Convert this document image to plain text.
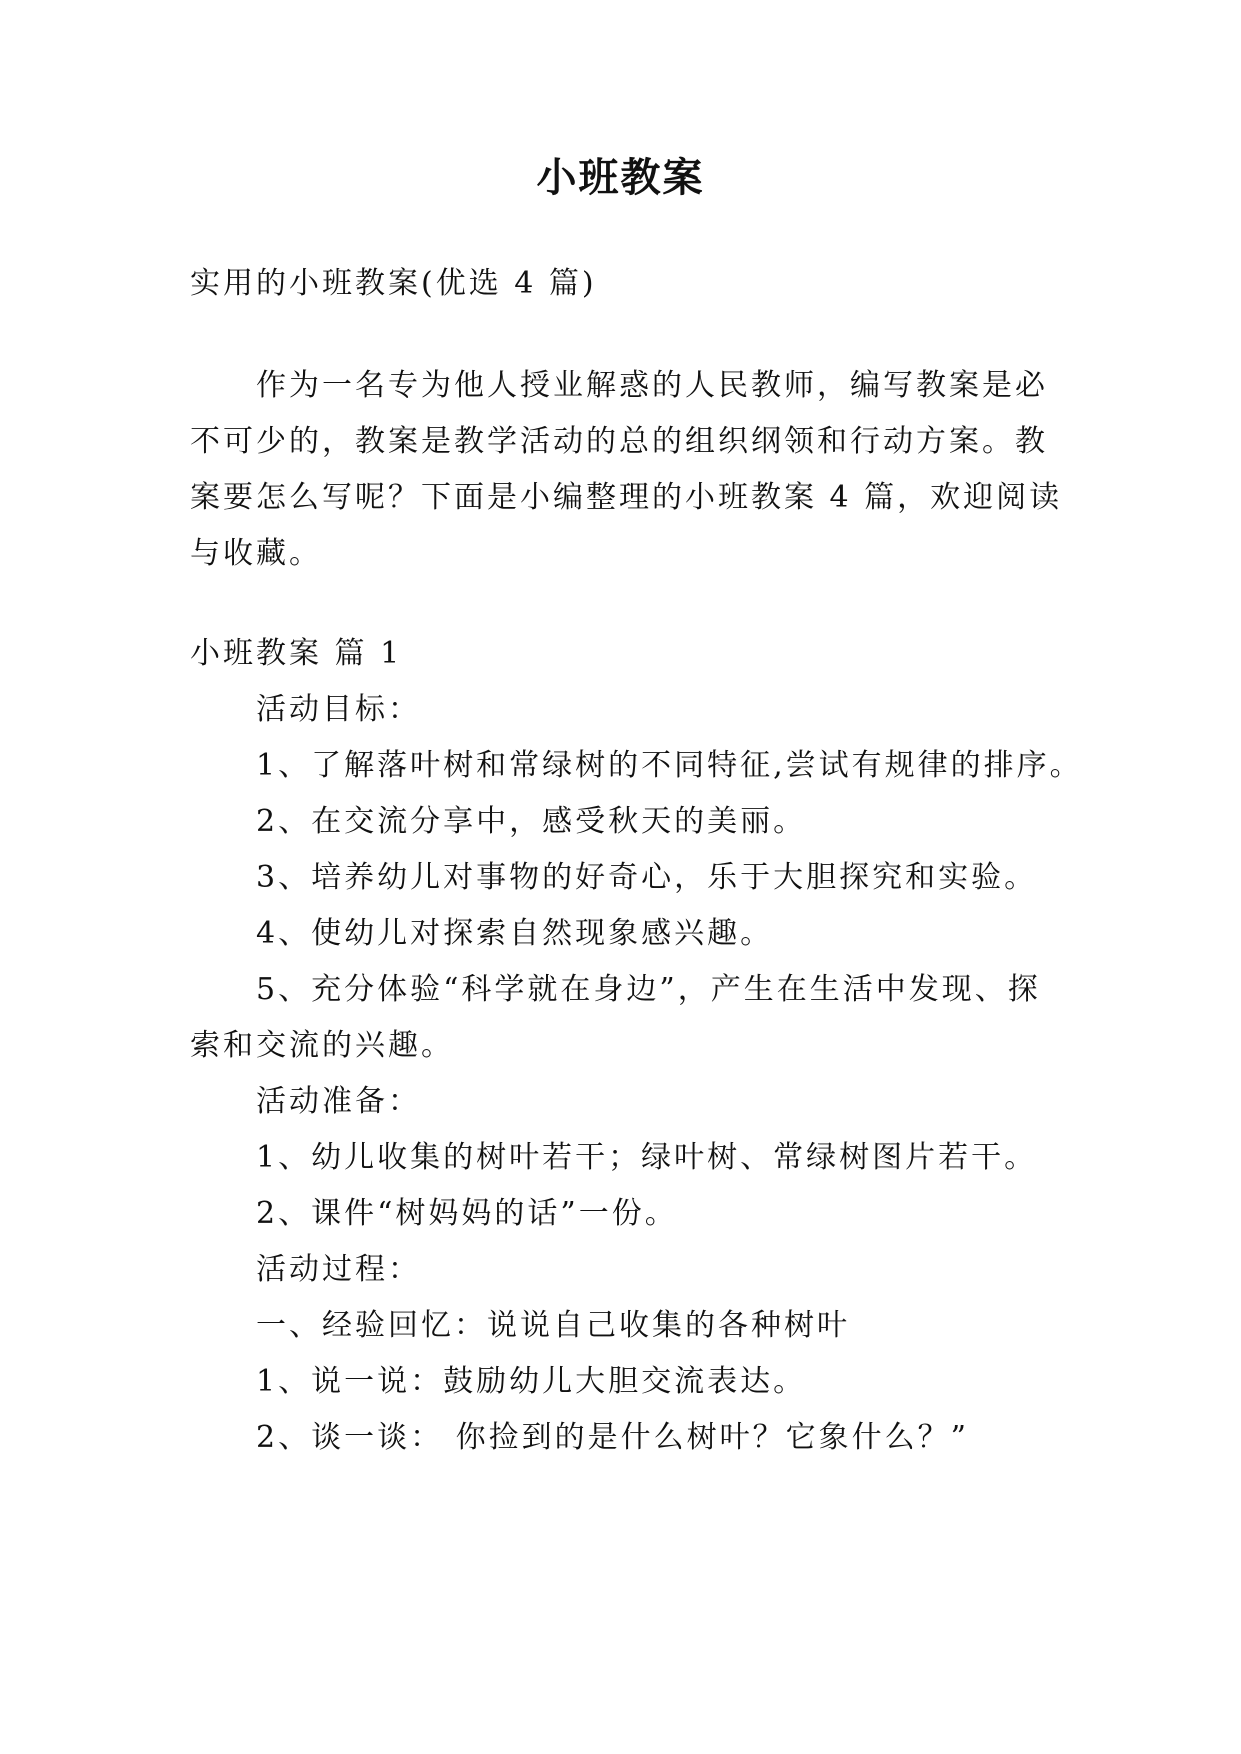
小班教案
实用的小班教案(优选 4 篇)
作为一名专为他人授业解惑的人民教师，编写教案是必
不可少的，教案是教学活动的总的组织纲领和行动方案。教
案要怎么写呢？下面是小编整理的小班教案 4 篇，欢迎阅读
与收藏。
小班教案 篇 1
活动目标：
1、了解落叶树和常绿树的不同特征,尝试有规律的排序。
2、在交流分享中，感受秋天的美丽。
3、培养幼儿对事物的好奇心，乐于大胆探究和实验。
4、使幼儿对探索自然现象感兴趣。
5、充分体验“科学就在身边”，产生在生活中发现、探
索和交流的兴趣。
活动准备：
1、幼儿收集的树叶若干；绿叶树、常绿树图片若干。
2、课件“树妈妈的话”一份。
活动过程：
一、经验回忆：说说自己收集的各种树叶
1、说一说：鼓励幼儿大胆交流表达。
2、谈一谈： 你捡到的是什么树叶？它象什么？”
